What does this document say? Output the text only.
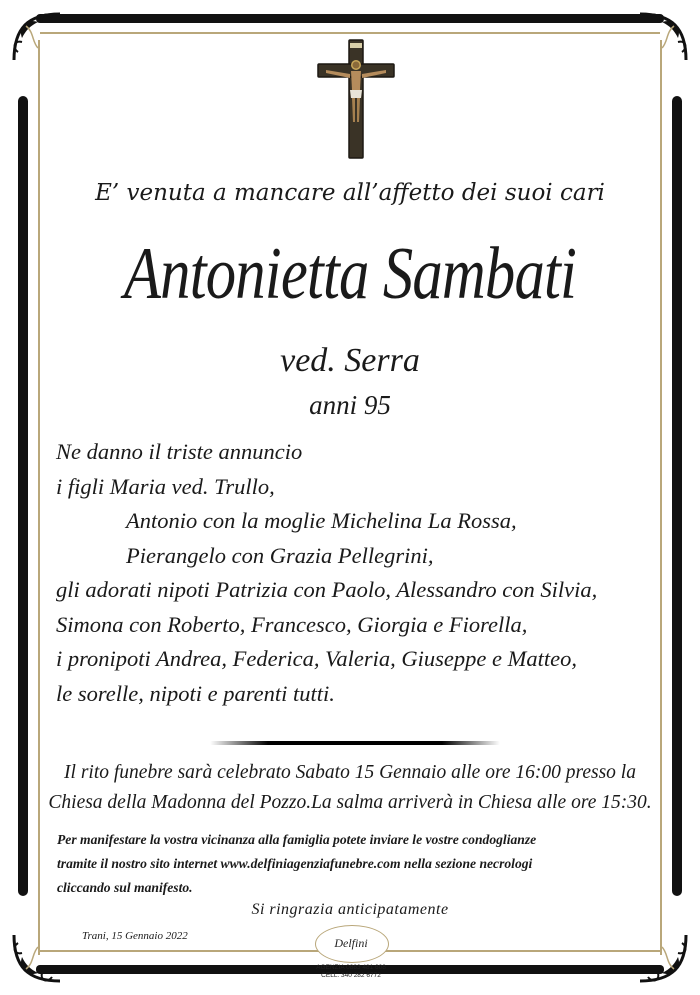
E’ venuta a mancare all’affetto dei suoi cari
Antonietta Sambati
ved. Serra
anni 95
Ne danno il triste annuncio
i figli Maria ved. Trullo,
Antonio con la moglie Michelina La Rossa,
Pierangelo con Grazia Pellegrini,
gli adorati nipoti Patrizia con Paolo, Alessandro con Silvia,
Simona con Roberto, Francesco, Giorgia e Fiorella,
i pronipoti Andrea, Federica, Valeria, Giuseppe e Matteo,
le sorelle, nipoti e parenti tutti.
Il rito funebre sarà celebrato Sabato 15 Gennaio alle ore 16:00 presso la
Chiesa della Madonna del Pozzo.La salma arriverà in Chiesa alle ore 15:30.
Per manifestare la vostra vicinanza alla famiglia potete inviare le vostre condoglianze
tramite il nostro sito internet www.delfiniagenziafunebre.com nella sezione necrologi
cliccando sul manifesto.
Si ringrazia anticipatamente
Trani, 15 Gennaio 2022	Delfini
AGENZIA 0883 481 608
CELL. 340 282 6772
